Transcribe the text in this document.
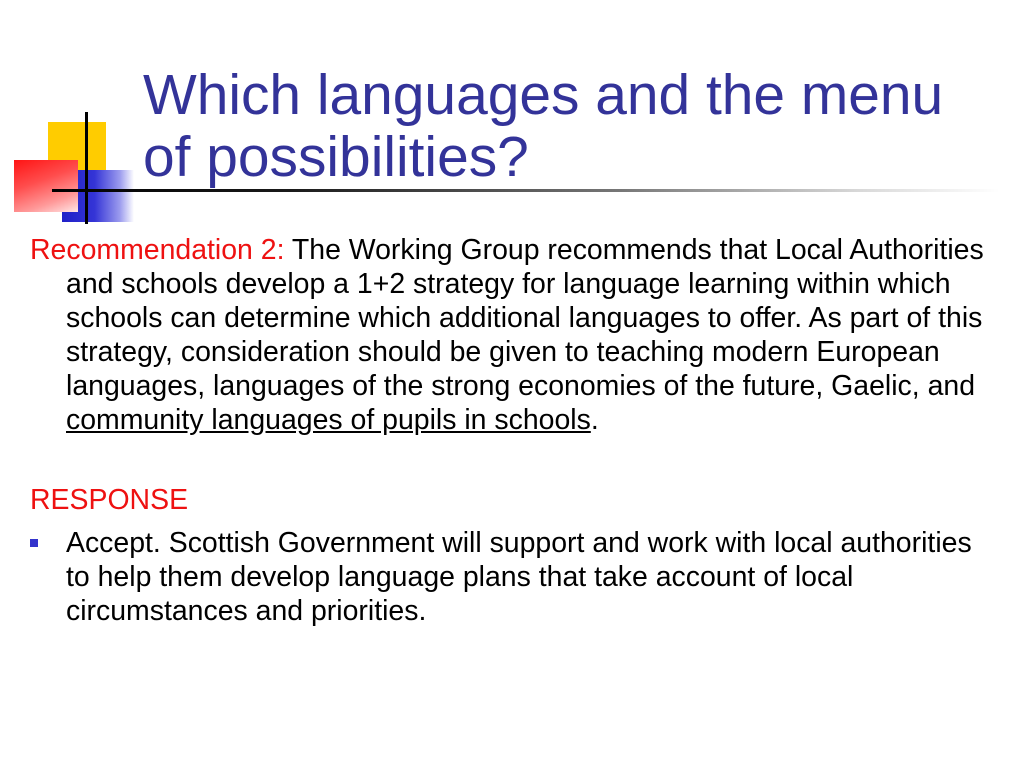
Which languages and the menu of possibilities?

Recommendation 2: The Working Group recommends that Local Authorities and schools develop a 1+2 strategy for language learning within which schools can determine which additional languages to offer. As part of this strategy, consideration should be given to teaching modern European languages, languages of the strong economies of the future, Gaelic, and community languages of pupils in schools.

RESPONSE

Accept. Scottish Government will support and work with local authorities to help them develop language plans that take account of local circumstances and priorities.
